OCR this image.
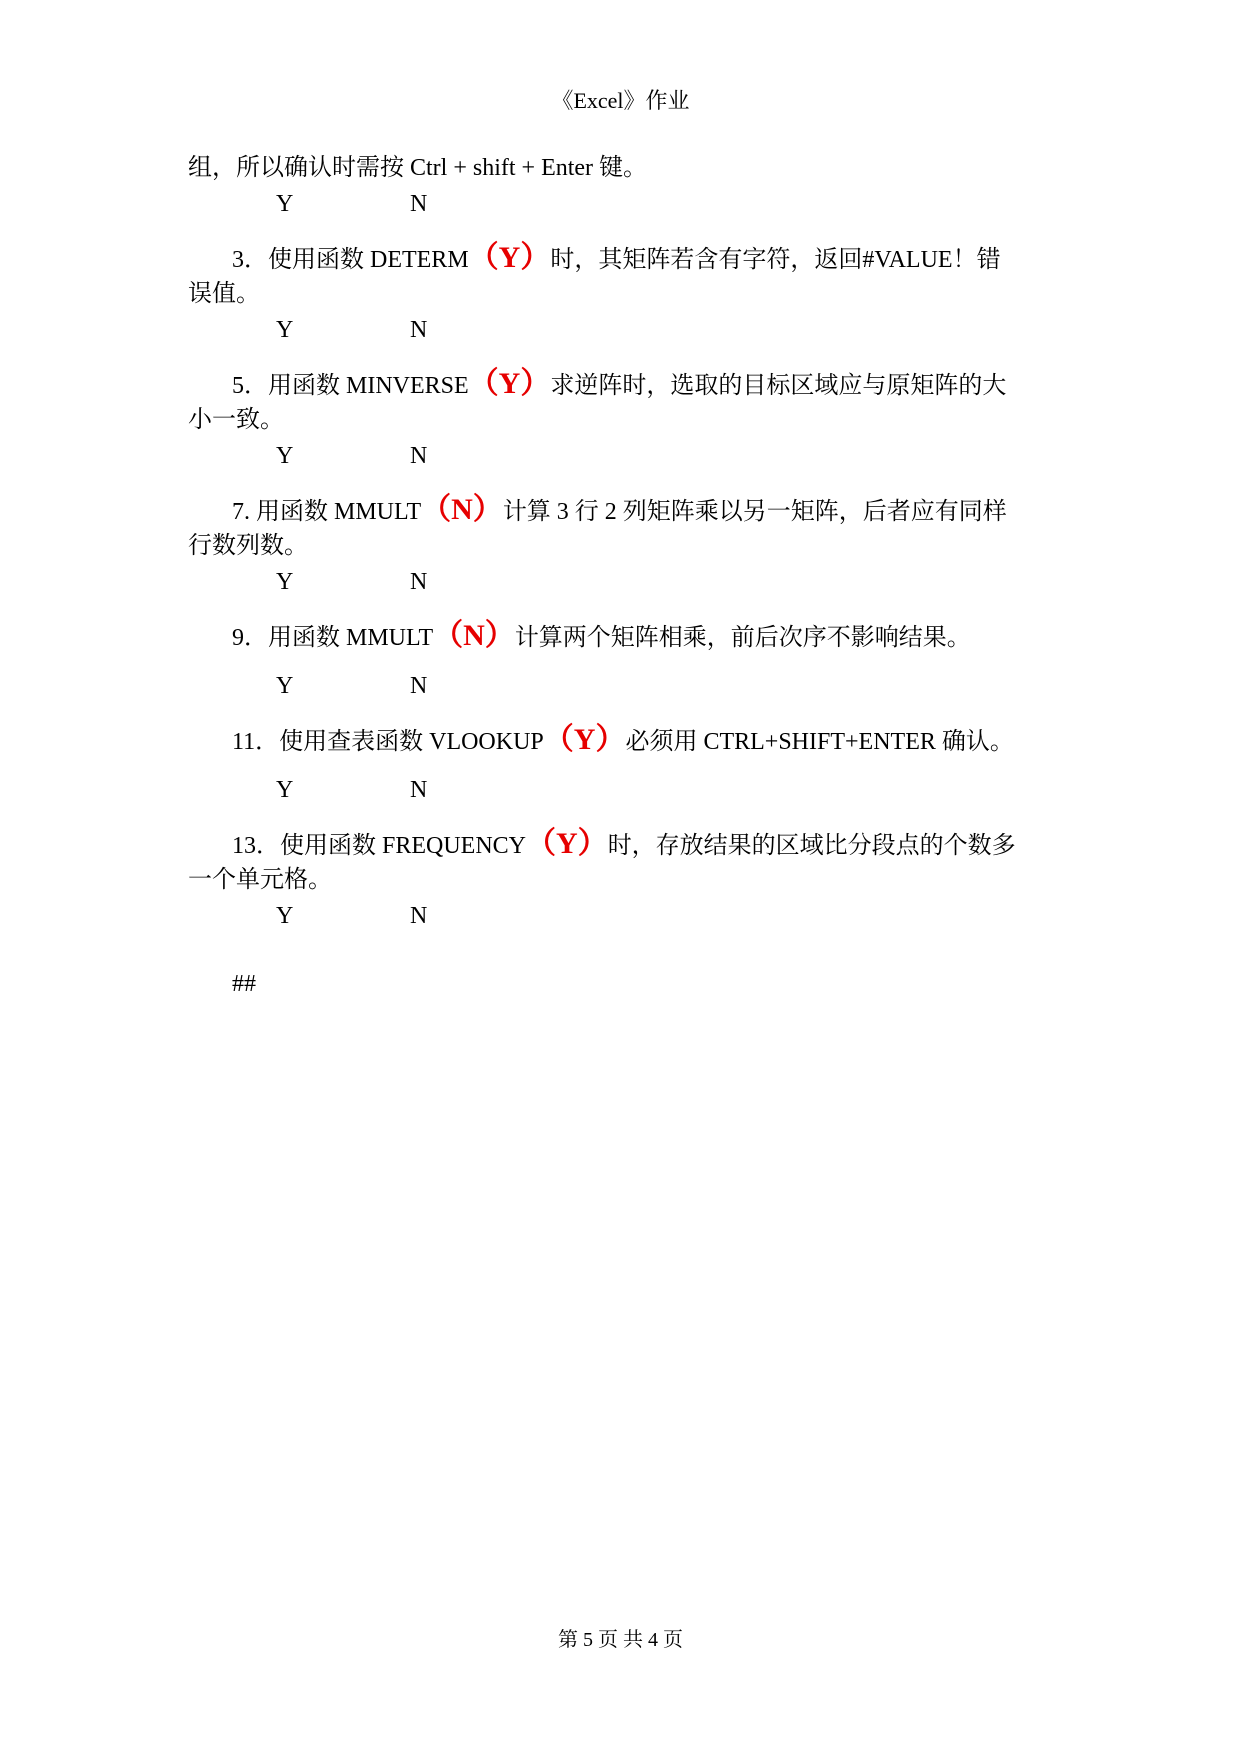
《Excel》作业
组，所以确认时需按 Ctrl + shift + Enter 键。
Y	N
3．使用函数 DETERM（Y）时，其矩阵若含有字符，返回#VALUE！错
误值。
Y	N
5．用函数 MINVERSE（Y）求逆阵时，选取的目标区域应与原矩阵的大
小一致。
Y	N
7. 用函数 MMULT（N）计算 3 行 2 列矩阵乘以另一矩阵，后者应有同样
行数列数。
Y	N
9．用函数 MMULT（N）计算两个矩阵相乘，前后次序不影响结果。
Y	N
11．使用查表函数 VLOOKUP（Y）必须用 CTRL+SHIFT+ENTER 确认。
Y	N
13．使用函数 FREQUENCY（Y）时，存放结果的区域比分段点的个数多
一个单元格。
Y	N
##
第 5 页 共 4 页
